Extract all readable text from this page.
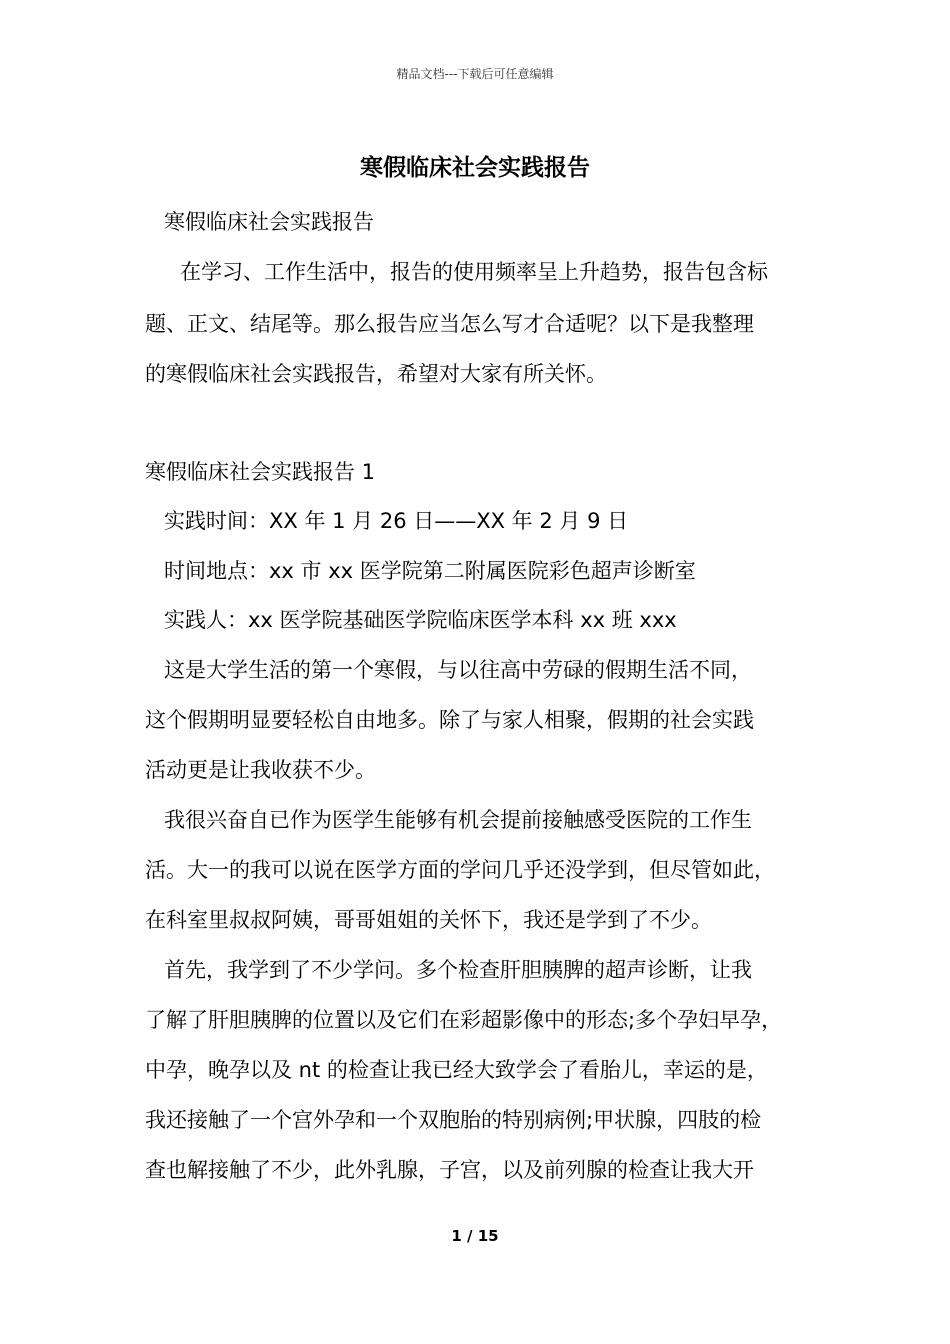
精品文档---下载后可任意编辑
寒假临床社会实践报告
寒假临床社会实践报告
在学习、工作生活中，报告的使用频率呈上升趋势，报告包含标
题、正文、结尾等。那么报告应当怎么写才合适呢？以下是我整理
的寒假临床社会实践报告，希望对大家有所关怀。
寒假临床社会实践报告 1
实践时间：XX 年 1 月 26 日——XX 年 2 月 9 日
时间地点：xx 市 xx 医学院第二附属医院彩色超声诊断室
实践人：xx 医学院基础医学院临床医学本科 xx 班 xxx
这是大学生活的第一个寒假，与以往高中劳碌的假期生活不同，
这个假期明显要轻松自由地多。除了与家人相聚，假期的社会实践
活动更是让我收获不少。
我很兴奋自已作为医学生能够有机会提前接触感受医院的工作生
活。大一的我可以说在医学方面的学问几乎还没学到，但尽管如此，
在科室里叔叔阿姨，哥哥姐姐的关怀下，我还是学到了不少。
首先，我学到了不少学问。多个检查肝胆胰脾的超声诊断，让我
了解了肝胆胰脾的位置以及它们在彩超影像中的形态;多个孕妇早孕，
中孕，晚孕以及 nt 的检查让我已经大致学会了看胎儿，幸运的是，
我还接触了一个宫外孕和一个双胞胎的特别病例;甲状腺，四肢的检
查也解接触了不少，此外乳腺，子宫，以及前列腺的检查让我大开
1 / 15
